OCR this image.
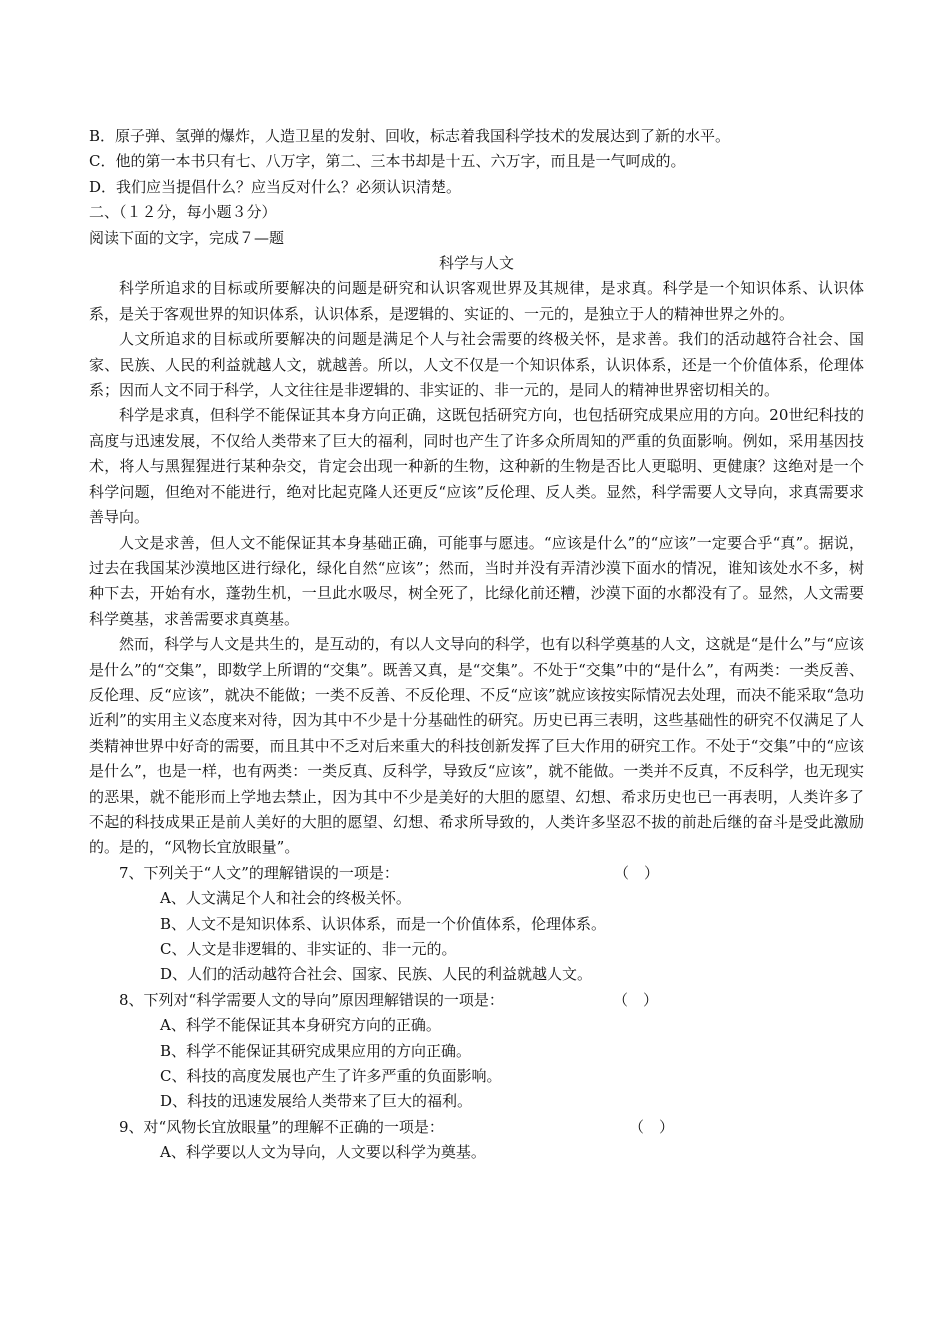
B．原子弹、氢弹的爆炸，人造卫星的发射、回收，标志着我国科学技术的发展达到了新的水平。
C．他的第一本书只有七、八万字，第二、三本书却是十五、六万字，而且是一气呵成的。
D．我们应当提倡什么？应当反对什么？必须认识清楚。
二、（１２分，每小题３分）
阅读下面的文字，完成７—题
科学与人文
科学所追求的目标或所要解决的问题是研究和认识客观世界及其规律，是求真。科学是一个知识体系、认识体系，是关于客观世界的知识体系，认识体系，是逻辑的、实证的、一元的，是独立于人的精神世界之外的。
人文所追求的目标或所要解决的问题是满足个人与社会需要的终极关怀，是求善。我们的活动越符合社会、国家、民族、人民的利益就越人文，就越善。所以，人文不仅是一个知识体系，认识体系，还是一个价值体系，伦理体系；因而人文不同于科学，人文往往是非逻辑的、非实证的、非一元的，是同人的精神世界密切相关的。
科学是求真，但科学不能保证其本身方向正确，这既包括研究方向，也包括研究成果应用的方向。20世纪科技的高度与迅速发展，不仅给人类带来了巨大的福利，同时也产生了许多众所周知的严重的负面影响。例如，采用基因技术，将人与黑猩猩进行某种杂交，肯定会出现一种新的生物，这种新的生物是否比人更聪明、更健康？这绝对是一个科学问题，但绝对不能进行，绝对比起克隆人还更反“应该”反伦理、反人类。显然，科学需要人文导向，求真需要求善导向。
人文是求善，但人文不能保证其本身基础正确，可能事与愿违。“应该是什么”的“应该”一定要合乎“真”。据说，过去在我国某沙漠地区进行绿化，绿化自然“应该”；然而，当时并没有弄清沙漠下面水的情况，谁知该处水不多，树种下去，开始有水，蓬勃生机，一旦此水吸尽，树全死了，比绿化前还糟，沙漠下面的水都没有了。显然，人文需要科学奠基，求善需要求真奠基。
然而，科学与人文是共生的，是互动的，有以人文导向的科学，也有以科学奠基的人文，这就是“是什么”与“应该是什么”的“交集”，即数学上所谓的“交集”。既善又真，是“交集”。不处于“交集”中的“是什么”，有两类：一类反善、反伦理、反“应该”，就决不能做；一类不反善、不反伦理、不反“应该”就应该按实际情况去处理，而决不能采取“急功近利”的实用主义态度来对待，因为其中不少是十分基础性的研究。历史已再三表明，这些基础性的研究不仅满足了人类精神世界中好奇的需要，而且其中不乏对后来重大的科技创新发挥了巨大作用的研究工作。不处于“交集”中的“应该是什么”，也是一样，也有两类：一类反真、反科学，导致反“应该”，就不能做。一类并不反真，不反科学，也无现实的恶果，就不能形而上学地去禁止，因为其中不少是美好的大胆的愿望、幻想、希求历史也已一再表明，人类许多了不起的科技成果正是前人美好的大胆的愿望、幻想、希求所导致的，人类许多坚忍不拔的前赴后继的奋斗是受此激励的。是的，“风物长宜放眼量”。
7、下列关于“人文”的理解错误的一项是：	（　）
A、人文满足个人和社会的终极关怀。
B、人文不是知识体系、认识体系，而是一个价值体系，伦理体系。
C、人文是非逻辑的、非实证的、非一元的。
D、人们的活动越符合社会、国家、民族、人民的利益就越人文。
8、下列对“科学需要人文的导向”原因理解错误的一项是：	（　）
A、科学不能保证其本身研究方向的正确。
B、科学不能保证其研究成果应用的方向正确。
C、科技的高度发展也产生了许多严重的负面影响。
D、科技的迅速发展给人类带来了巨大的福利。
9、对“风物长宜放眼量”的理解不正确的一项是：	（　）
A、科学要以人文为导向，人文要以科学为奠基。
